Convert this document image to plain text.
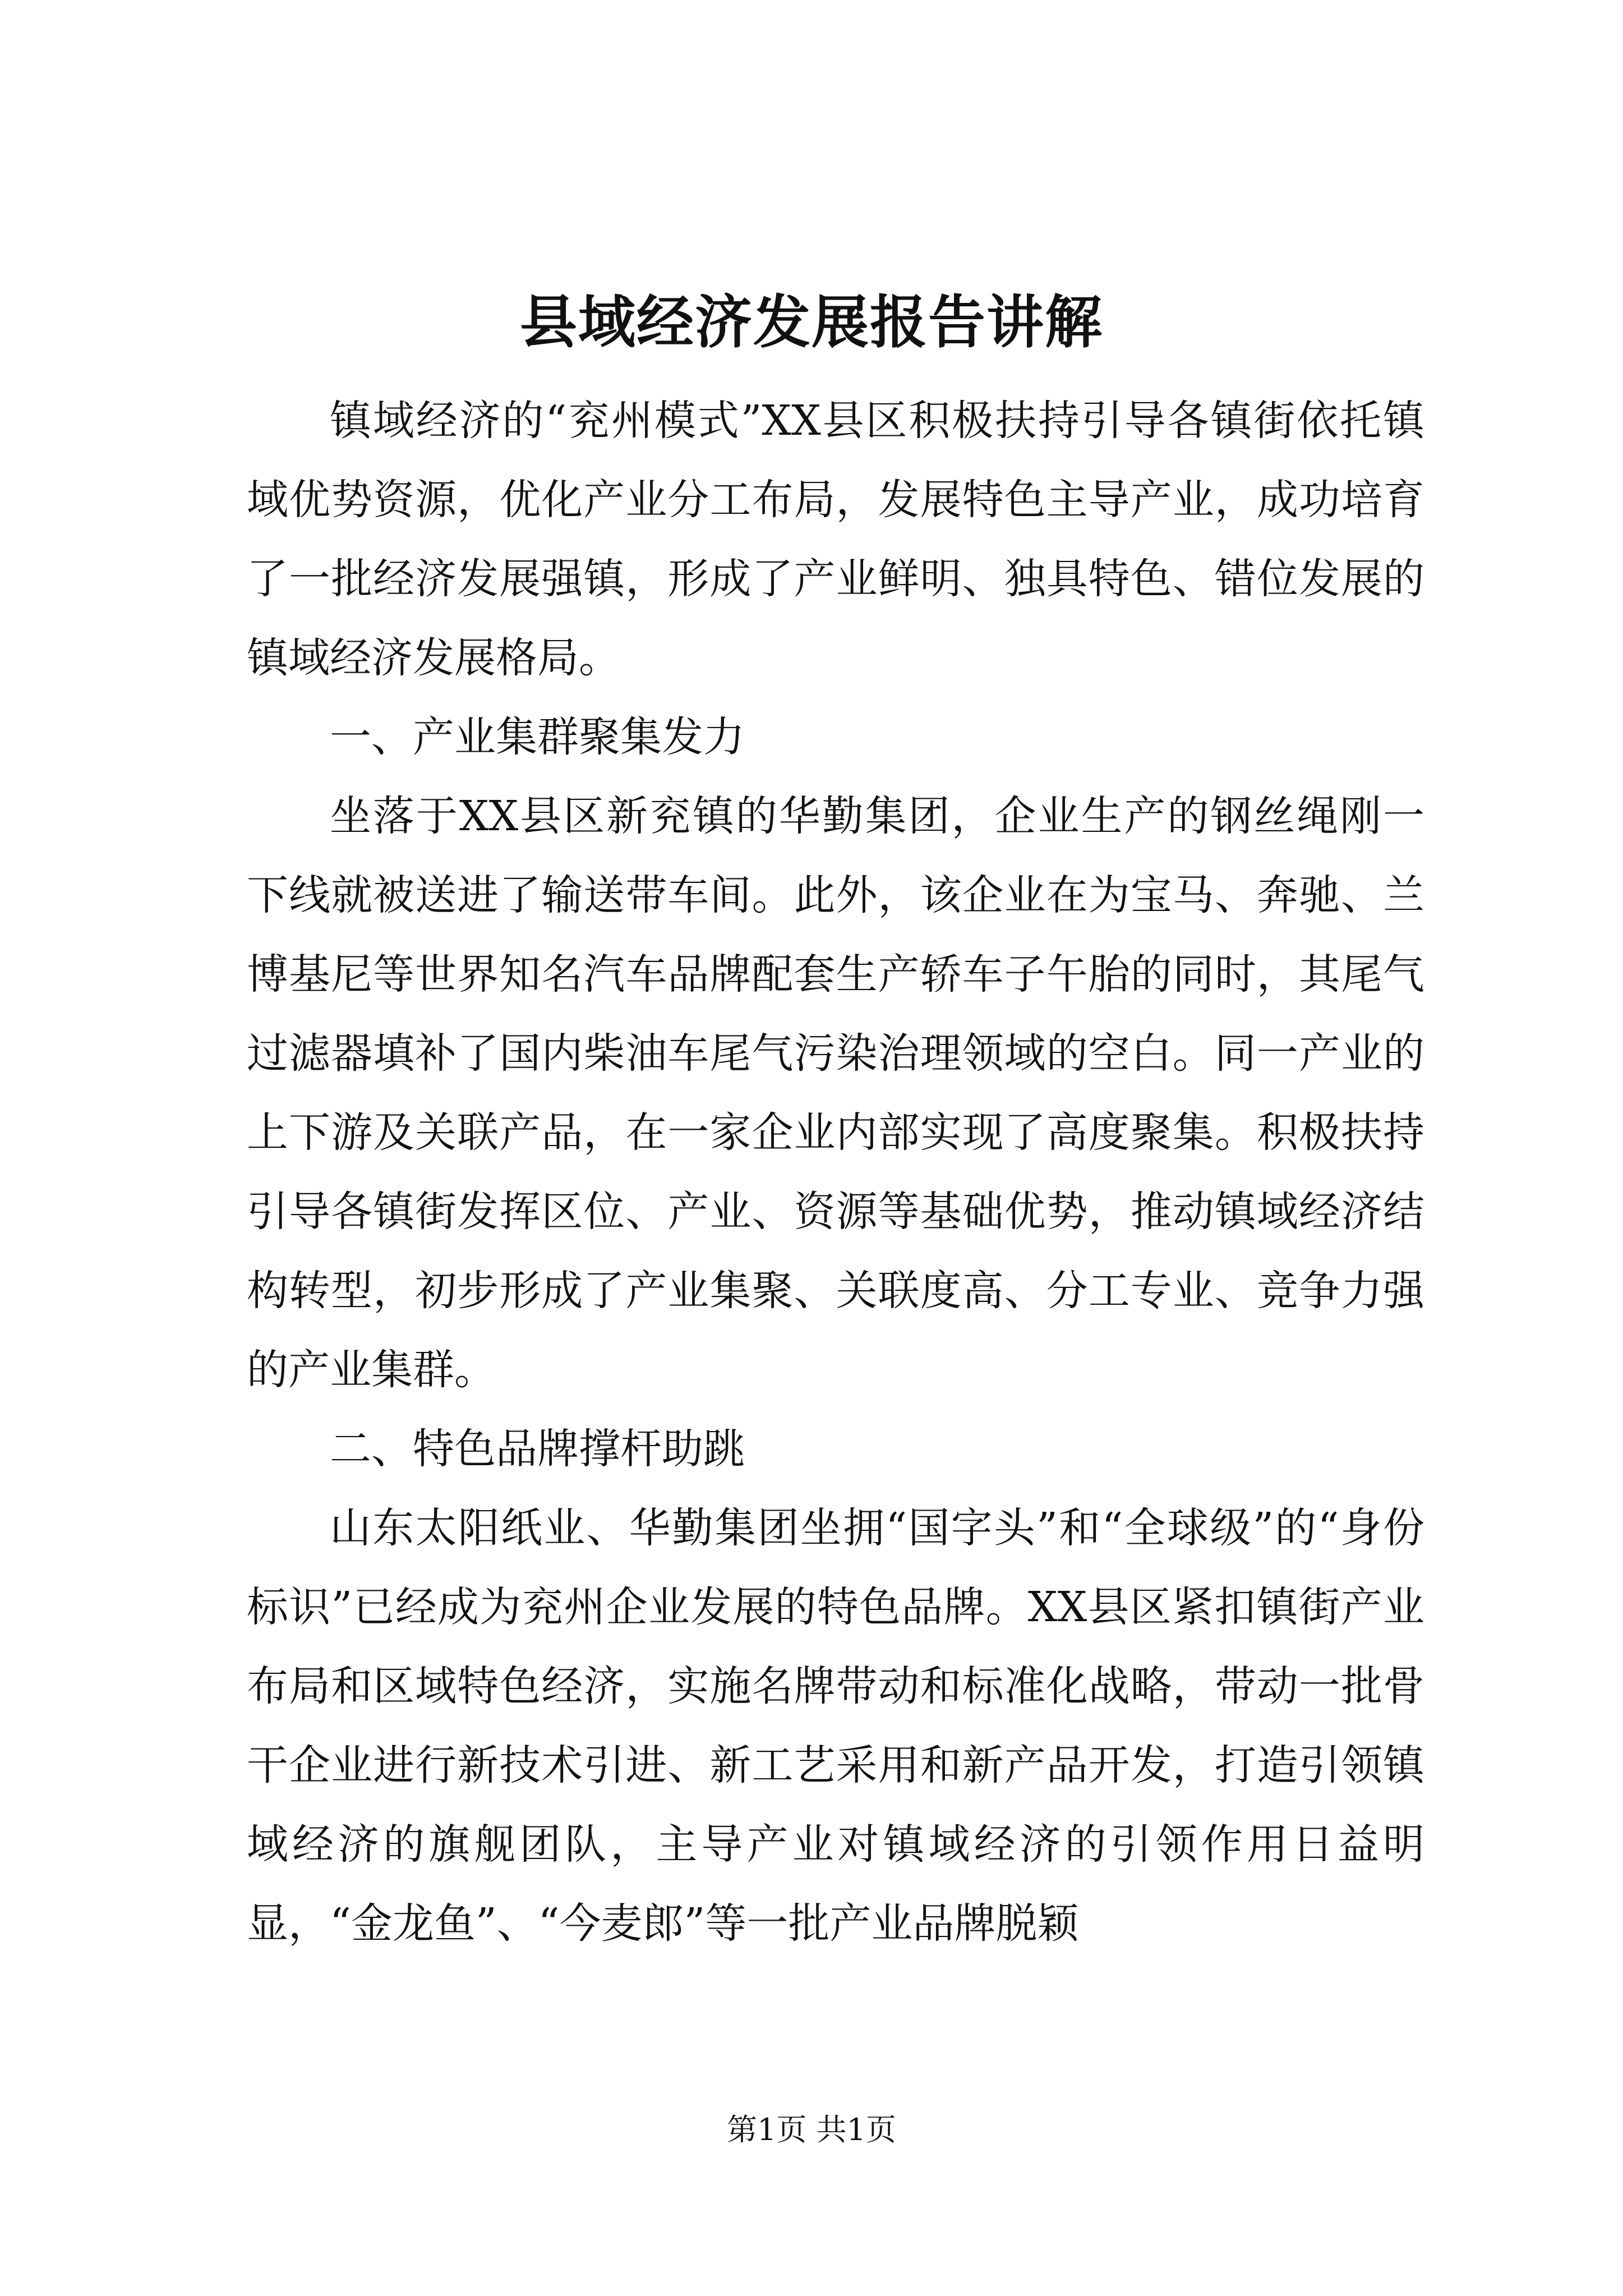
县域经济发展报告讲解

镇域经济的“兖州模式”XX县区积极扶持引导各镇街依托镇域优势资源，优化产业分工布局，发展特色主导产业，成功培育了一批经济发展强镇，形成了产业鲜明、独具特色、错位发展的镇域经济发展格局。

一、产业集群聚集发力

坐落于XX县区新兖镇的华勤集团，企业生产的钢丝绳刚一下线就被送进了输送带车间。此外，该企业在为宝马、奔驰、兰博基尼等世界知名汽车品牌配套生产轿车子午胎的同时，其尾气过滤器填补了国内柴油车尾气污染治理领域的空白。同一产业的上下游及关联产品，在一家企业内部实现了高度聚集。积极扶持引导各镇街发挥区位、产业、资源等基础优势，推动镇域经济结构转型，初步形成了产业集聚、关联度高、分工专业、竞争力强的产业集群。

二、特色品牌撑杆助跳

山东太阳纸业、华勤集团坐拥“国字头”和“全球级”的“身份标识”已经成为兖州企业发展的特色品牌。XX县区紧扣镇街产业布局和区域特色经济，实施名牌带动和标准化战略，带动一批骨干企业进行新技术引进、新工艺采用和新产品开发，打造引领镇域经济的旗舰团队，主导产业对镇域经济的引领作用日益明显，“金龙鱼”、“今麦郎”等一批产业品牌脱颖

第1页 共1页
